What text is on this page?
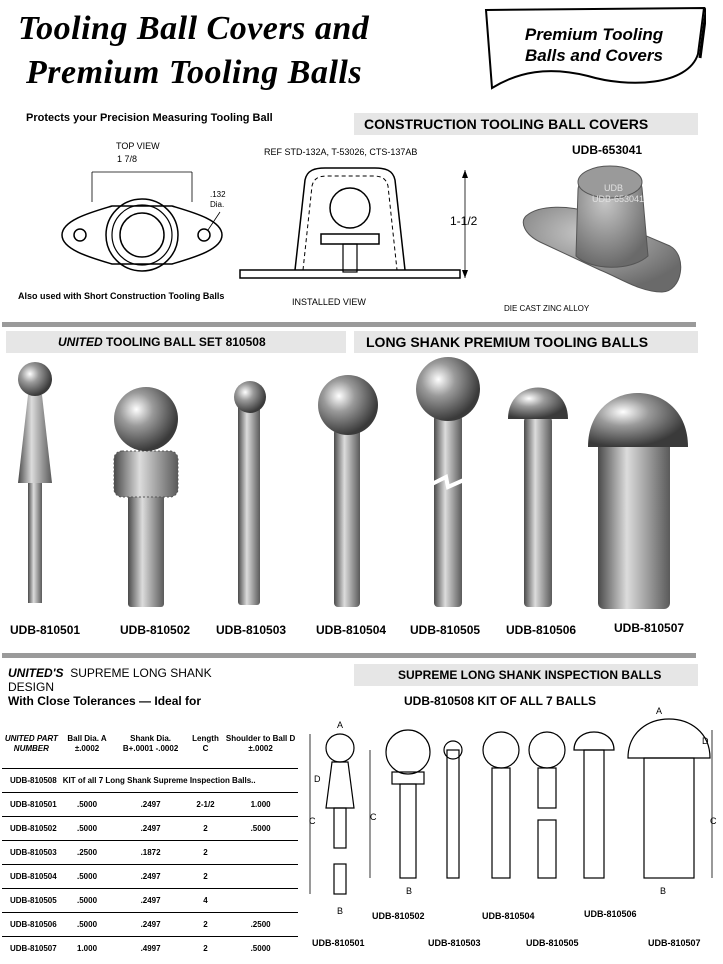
Tooling Ball Covers and
Premium Tooling Balls
Premium Tooling
Balls and Covers
Protects your Precision Measuring Tooling Ball	CONSTRUCTION TOOLING BALL COVERS
TOP VIEW
1 7/8
.132
Dia.
Also used with Short Construction Tooling Balls
REF STD-132A, T-53026, CTS-137AB
1-1/2
INSTALLED VIEW
UDB-653041
UDB
UDB-653041
DIE CAST ZINC ALLOY
UNITED TOOLING BALL SET 810508	LONG SHANK PREMIUM TOOLING BALLS
UDB-810501	UDB-810502 UDB-810503 UDB-810504 UDB-810505 UDB-810506	UDB-810507
UNITED'S SUPREME LONG SHANK
DESIGN
With Close Tolerances — Ideal for
SUPREME LONG SHANK INSPECTION BALLS
UDB-810508 KIT OF ALL 7 BALLS
UNITED PART NUMBER	Ball Dia. A ±.0002	Shank Dia. B+.0001 -.0002	Length C	Shoulder to Ball D ±.0002
UDB-810508	KIT of all 7 Long Shank Supreme Inspection Balls..			
UDB-810501	.5000	.2497	2-1/2	1.000
UDB-810502	.5000	.2497	2	.5000
UDB-810503	.2500	.1872	2	
UDB-810504	.5000	.2497	2	
UDB-810505	.5000	.2497	4	
UDB-810506	.5000	.2497	2	.2500
UDB-810507	1.000	.4997	2	.5000
C	C	C
A
A
D
D
B
B	B
UDB-810502	UDB-810504	UDB-810506
UDB-810501	UDB-810503	UDB-810505	UDB-810507
